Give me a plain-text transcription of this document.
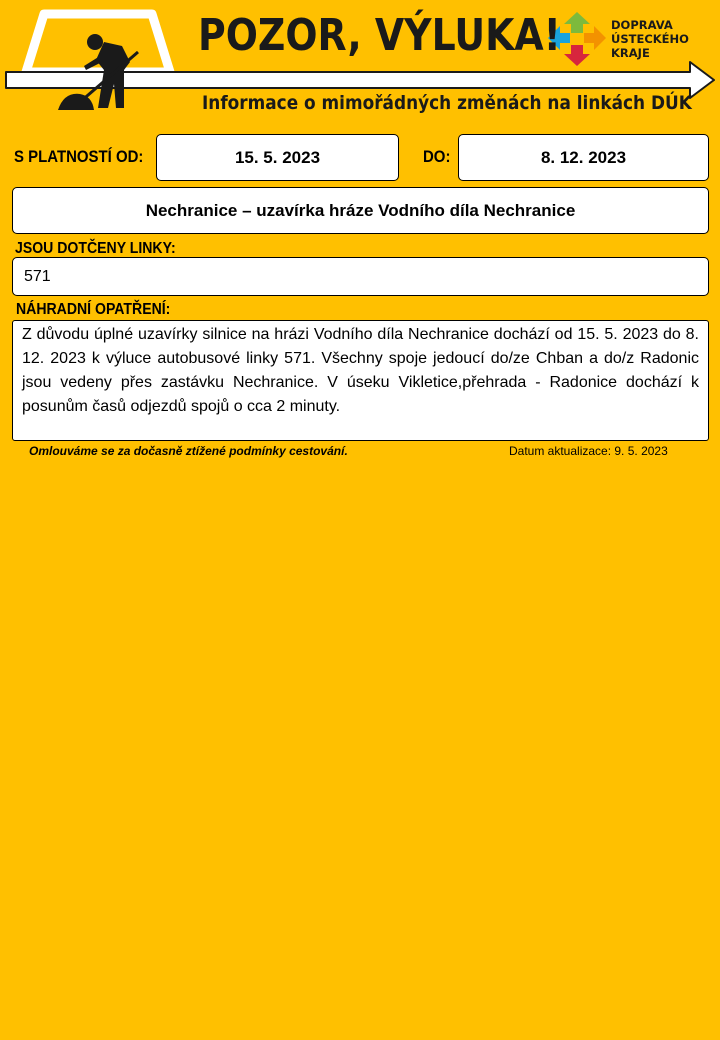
POZOR, VÝLUKA!
Informace o mimořádných změnách na linkách DÚK
DOPRAVA
ÚSTECKÉHO
KRAJE
S PLATNOSTÍ OD:	15. 5. 2023	DO:	8. 12. 2023
Nechranice – uzavírka hráze Vodního díla Nechranice
JSOU DOTČENY LINKY:
571
NÁHRADNÍ OPATŘENÍ:
Z důvodu úplné uzavírky silnice na hrázi Vodního díla Nechranice dochází od 15. 5. 2023 do 8. 12. 2023 k výluce autobusové linky 571. Všechny spoje jedoucí do/ze Chban a do/z Radonic jsou vedeny přes zastávku Nechranice. V úseku Vikletice,přehrada - Radonice dochází k posunům časů odjezdů spojů o cca 2 minuty.
Omlouváme se za dočasně ztížené podmínky cestování.	Datum aktualizace: 9. 5. 2023
